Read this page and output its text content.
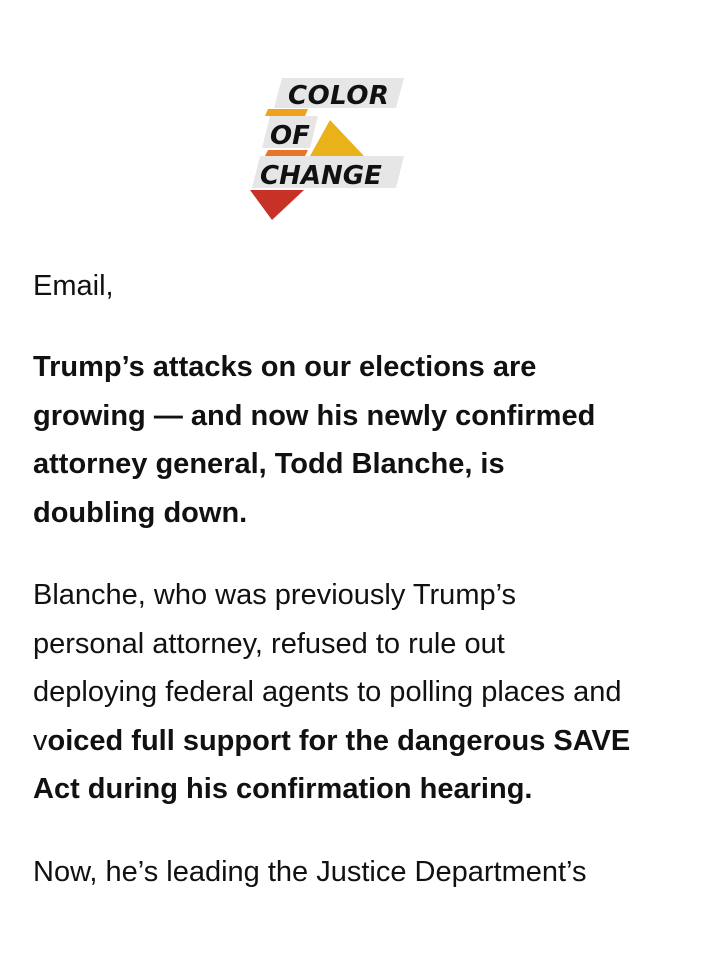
COLOR
OF
CHANGE

Email,

Trump’s attacks on our elections are growing — and now his newly confirmed attorney general, Todd Blanche, is doubling down.

Blanche, who was previously Trump’s personal attorney, refused to rule out deploying federal agents to polling places and voiced full support for the dangerous SAVE Act during his confirmation hearing.

Now, he’s leading the Justice Department’s
